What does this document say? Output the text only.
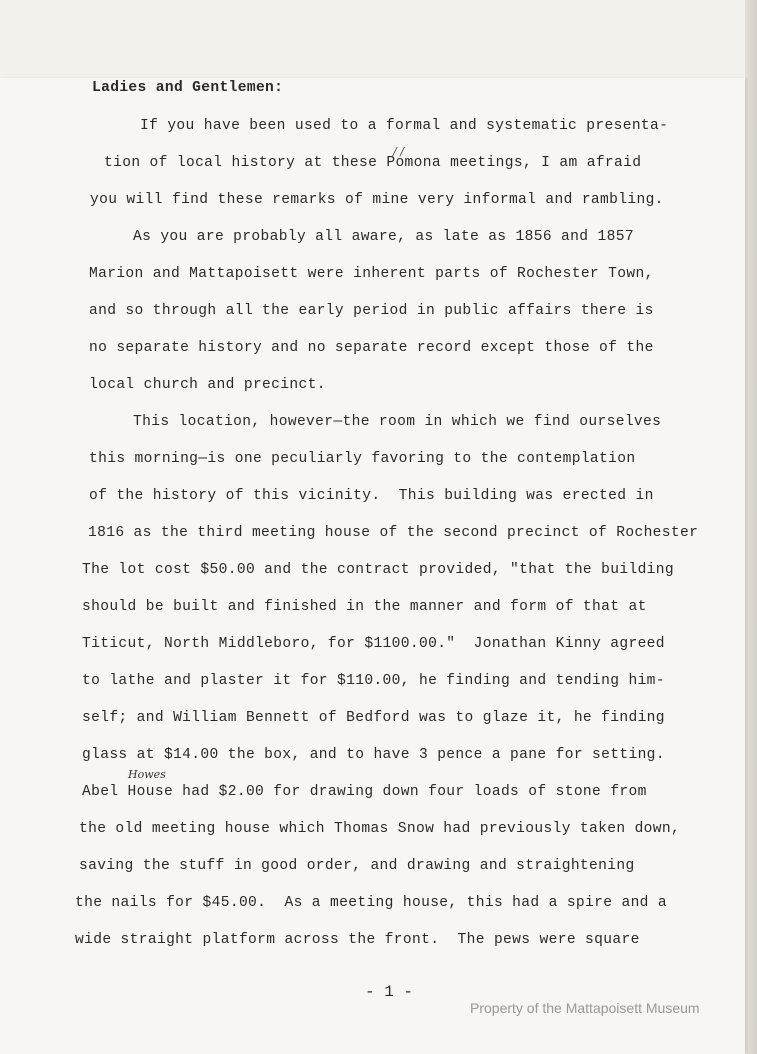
Ladies and Gentlemen:
If you have been used to a formal and systematic presenta-
tion of local history at these Pomona meetings, I am afraid
you will find these remarks of mine very informal and rambling.
As you are probably all aware, as late as 1856 and 1857
Marion and Mattapoisett were inherent parts of Rochester Town,
and so through all the early period in public affairs there is
no separate history and no separate record except those of the
local church and precinct.
This location, however—the room in which we find ourselves
this morning—is one peculiarly favoring to the contemplation
of the history of this vicinity.  This building was erected in
1816 as the third meeting house of the second precinct of Rochester
The lot cost $50.00 and the contract provided, "that the building
should be built and finished in the manner and form of that at
Titicut, North Middleboro, for $1100.00."  Jonathan Kinny agreed
to lathe and plaster it for $110.00, he finding and tending him-
self; and William Bennett of Bedford was to glaze it, he finding
glass at $14.00 the box, and to have 3 pence a pane for setting.
Abel House had $2.00 for drawing down four loads of stone from
the old meeting house which Thomas Snow had previously taken down,
saving the stuff in good order, and drawing and straightening
the nails for $45.00.  As a meeting house, this had a spire and a
wide straight platform across the front.  The pews were square
/ /
Howes
- 1 -
Property of the Mattapoisett Museum
